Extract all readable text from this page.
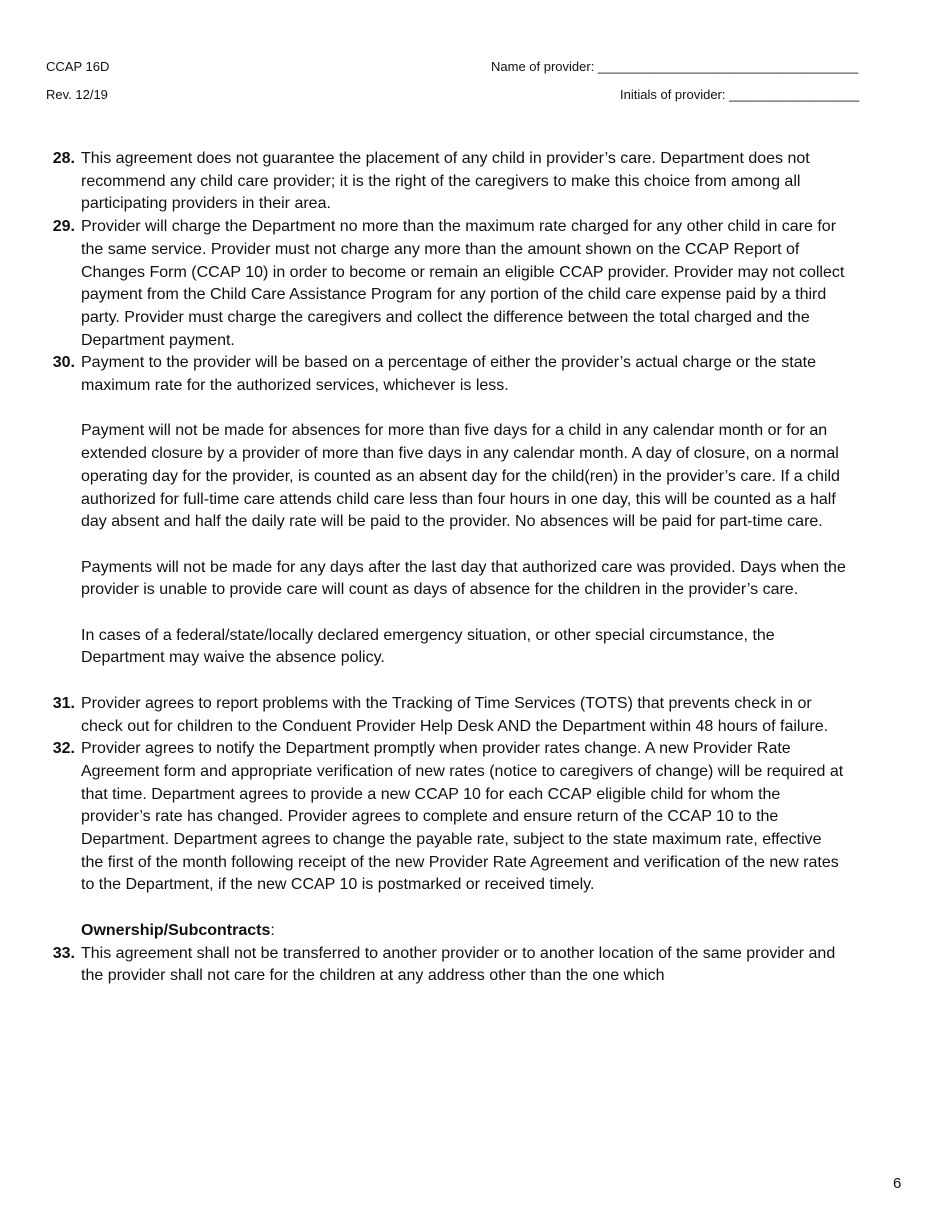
CCAP 16D
Rev. 12/19
Name of provider: ____________________________________
Initials of provider: __________________
28. This agreement does not guarantee the placement of any child in provider’s care. Department does not recommend any child care provider; it is the right of the caregivers to make this choice from among all participating providers in their area.
29. Provider will charge the Department no more than the maximum rate charged for any other child in care for the same service. Provider must not charge any more than the amount shown on the CCAP Report of Changes Form (CCAP 10) in order to become or remain an eligible CCAP provider. Provider may not collect payment from the Child Care Assistance Program for any portion of the child care expense paid by a third party. Provider must charge the caregivers and collect the difference between the total charged and the Department payment.
30. Payment to the provider will be based on a percentage of either the provider’s actual charge or the state maximum rate for the authorized services, whichever is less.
Payment will not be made for absences for more than five days for a child in any calendar month or for an extended closure by a provider of more than five days in any calendar month. A day of closure, on a normal operating day for the provider, is counted as an absent day for the child(ren) in the provider’s care. If a child authorized for full-time care attends child care less than four hours in one day, this will be counted as a half day absent and half the daily rate will be paid to the provider. No absences will be paid for part-time care.
Payments will not be made for any days after the last day that authorized care was provided. Days when the provider is unable to provide care will count as days of absence for the children in the provider’s care.
In cases of a federal/state/locally declared emergency situation, or other special circumstance, the Department may waive the absence policy.
31. Provider agrees to report problems with the Tracking of Time Services (TOTS) that prevents check in or check out for children to the Conduent Provider Help Desk AND the Department within 48 hours of failure.
32. Provider agrees to notify the Department promptly when provider rates change. A new Provider Rate Agreement form and appropriate verification of new rates (notice to caregivers of change) will be required at that time. Department agrees to provide a new CCAP 10 for each CCAP eligible child for whom the provider’s rate has changed. Provider agrees to complete and ensure return of the CCAP 10 to the Department. Department agrees to change the payable rate, subject to the state maximum rate, effective the first of the month following receipt of the new Provider Rate Agreement and verification of the new rates to the Department, if the new CCAP 10 is postmarked or received timely.
Ownership/Subcontracts:
33. This agreement shall not be transferred to another provider or to another location of the same provider and the provider shall not care for the children at any address other than the one which
6
